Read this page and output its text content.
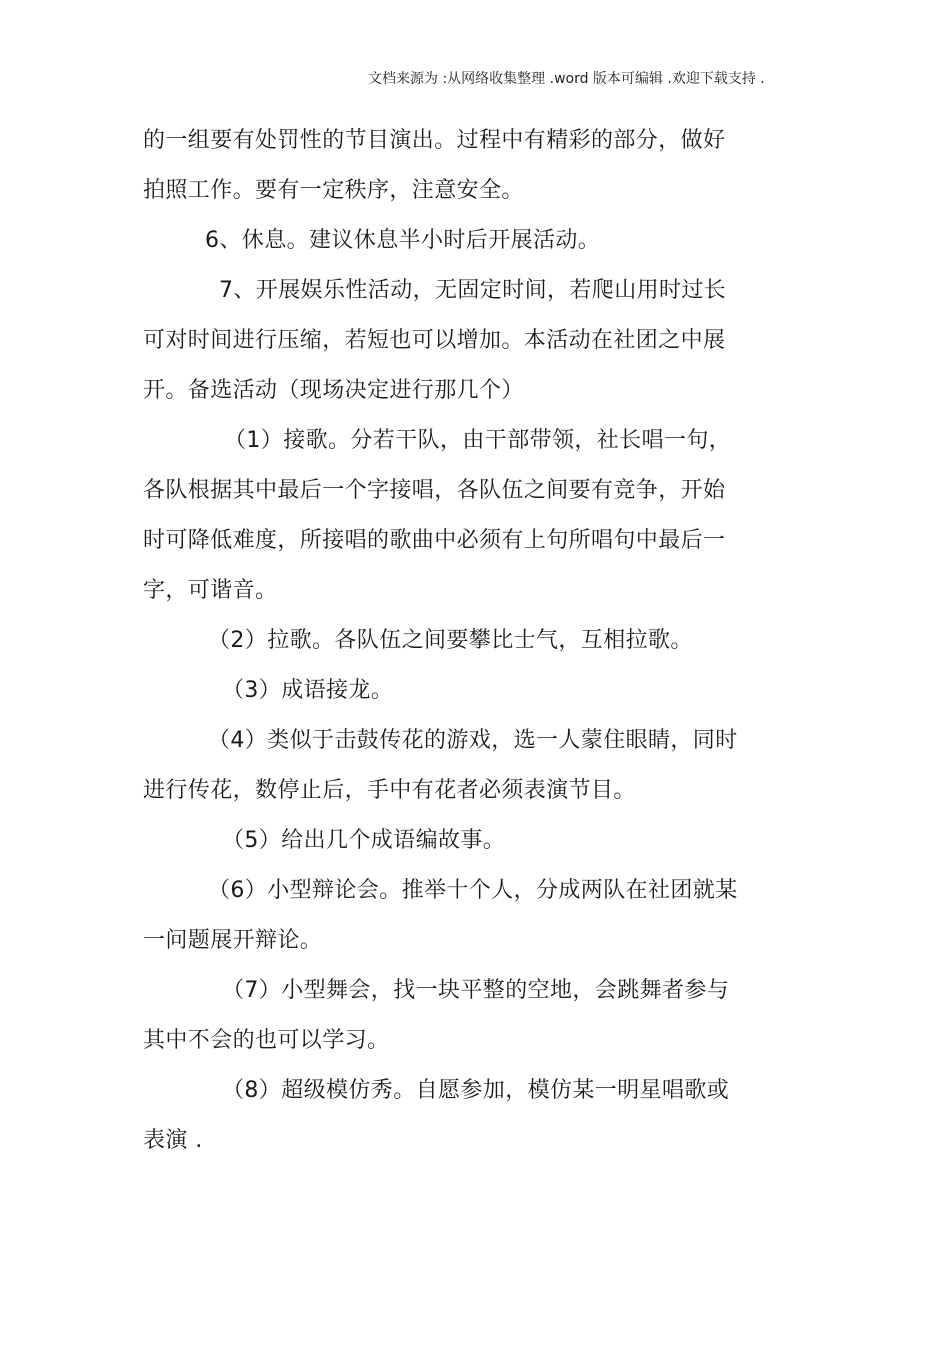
文档来源为 :从网络收集整理 .word 版本可编辑 .欢迎下载支持 .
的一组要有处罚性的节目演出。过程中有精彩的部分，做好
拍照工作。要有一定秩序，注意安全。
6、休息。建议休息半小时后开展活动。
7、开展娱乐性活动，无固定时间，若爬山用时过长
可对时间进行压缩，若短也可以增加。本活动在社团之中展
开。备选活动（现场决定进行那几个）
（1）接歌。分若干队，由干部带领，社长唱一句，
各队根据其中最后一个字接唱，各队伍之间要有竞争，开始
时可降低难度，所接唱的歌曲中必须有上句所唱句中最后一
字，可谐音。
（2）拉歌。各队伍之间要攀比士气，互相拉歌。
（3）成语接龙。
（4）类似于击鼓传花的游戏，选一人蒙住眼睛，同时
进行传花，数停止后，手中有花者必须表演节目。
（5）给出几个成语编故事。
（6）小型辩论会。推举十个人，分成两队在社团就某
一问题展开辩论。
（7）小型舞会，找一块平整的空地，会跳舞者参与
其中不会的也可以学习。
（8）超级模仿秀。自愿参加，模仿某一明星唱歌或
表演 .
